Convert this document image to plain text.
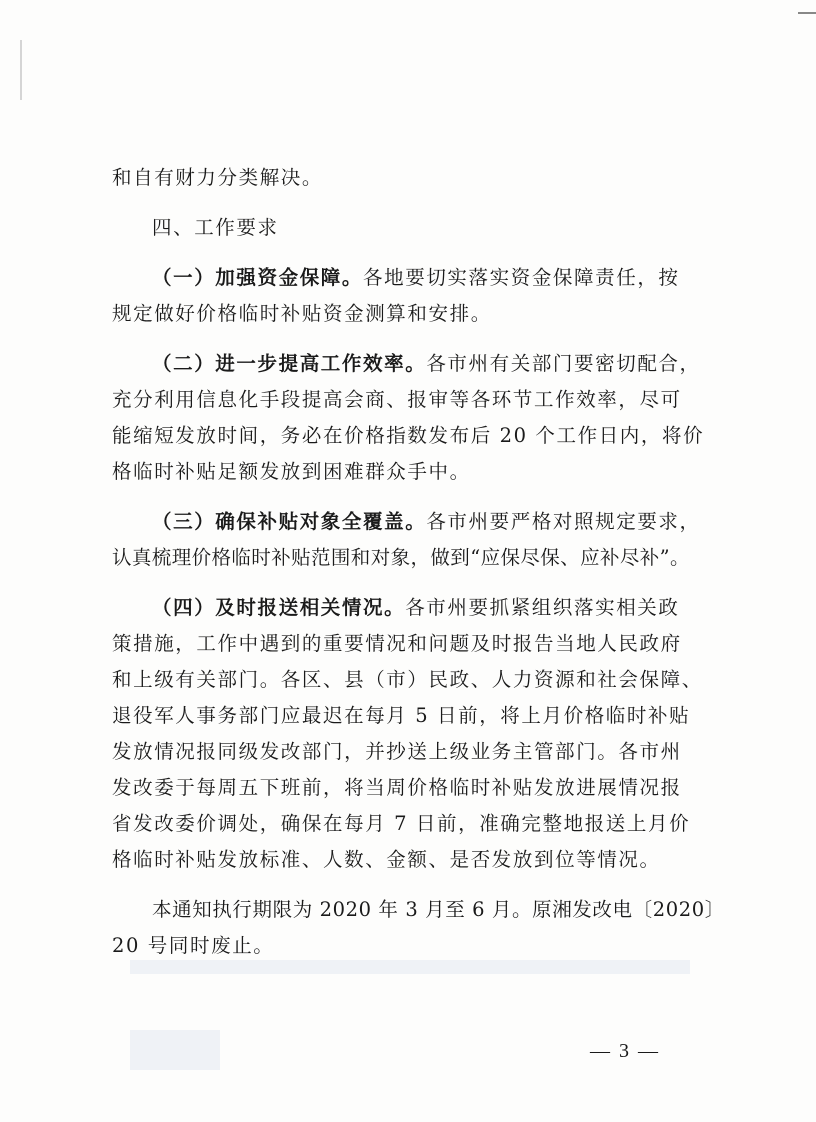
和自有财力分类解决。
四、工作要求
（一）加强资金保障。各地要切实落实资金保障责任，按
规定做好价格临时补贴资金测算和安排。
（二）进一步提高工作效率。各市州有关部门要密切配合，
充分利用信息化手段提高会商、报审等各环节工作效率，尽可
能缩短发放时间，务必在价格指数发布后 20 个工作日内，将价
格临时补贴足额发放到困难群众手中。
（三）确保补贴对象全覆盖。各市州要严格对照规定要求，
认真梳理价格临时补贴范围和对象，做到“应保尽保、应补尽补”。
（四）及时报送相关情况。各市州要抓紧组织落实相关政
策措施，工作中遇到的重要情况和问题及时报告当地人民政府
和上级有关部门。各区、县（市）民政、人力资源和社会保障、
退役军人事务部门应最迟在每月 5 日前，将上月价格临时补贴
发放情况报同级发改部门，并抄送上级业务主管部门。各市州
发改委于每周五下班前，将当周价格临时补贴发放进展情况报
省发改委价调处，确保在每月 7 日前，准确完整地报送上月价
格临时补贴发放标准、人数、金额、是否发放到位等情况。
本通知执行期限为 2020 年 3 月至 6 月。原湘发改电〔2020〕
20 号同时废止。
— 3 —
